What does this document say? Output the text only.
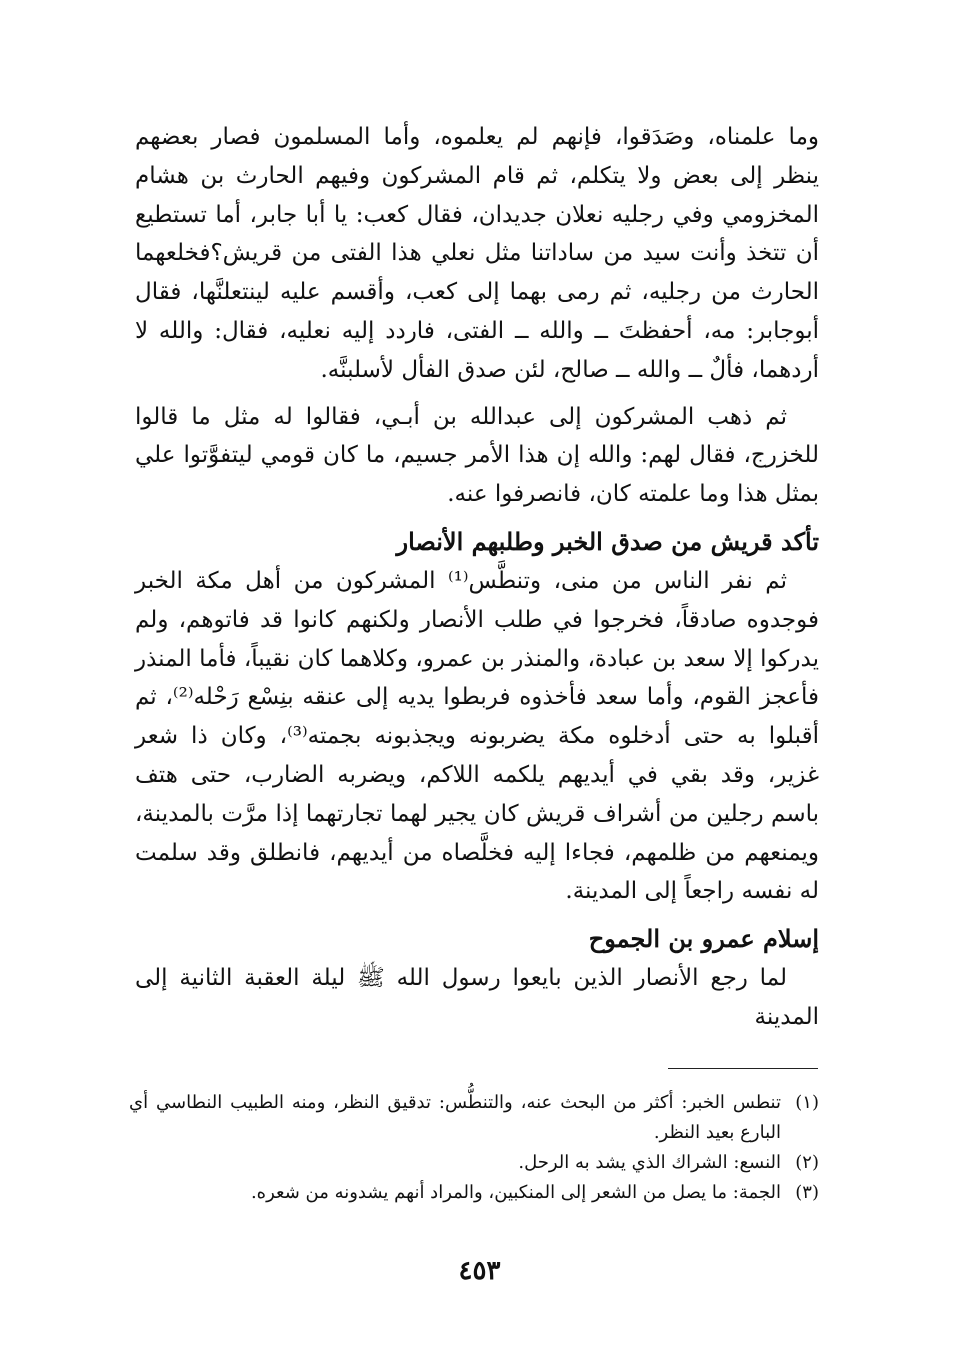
وما علمناه، وصَدَقوا، فإنهم لم يعلموه، وأما المسلمون فصار بعضهم ينظر إلى بعض ولا يتكلم، ثم قام المشركون وفيهم الحارث بن هشام المخزومي وفي رجليه نعلان جديدان، فقال كعب: يا أبا جابر، أما تستطيع أن تتخذ وأنت سيد من ساداتنا مثل نعلي هذا الفتى من قريش؟فخلعهما الحارث من رجليه، ثم رمى بهما إلى كعب، وأقسم عليه لينتعلنَّها، فقال أبوجابر: مه، أحفظتَ ــ والله ــ الفتى، فاردد إليه نعليه، فقال: والله لا أردهما، فألٌ ــ والله ــ صالح، لئن صدق الفأل لأسلبنَّه.

ثم ذهب المشركون إلى عبدالله بن أبـي، فقالوا له مثل ما قالوا للخزرج، فقال لهم: والله إن هذا الأمر جسيم، ما كان قومي ليتفوَّتوا علي بمثل هذا وما علمته كان، فانصرفوا عنه.

تأكد قريش من صدق الخبر وطلبهم الأنصار

ثم نفر الناس من منى، وتنطَّس⁽¹⁾ المشركون من أهل مكة الخبر فوجدوه صادقاً، فخرجوا في طلب الأنصار ولكنهم كانوا قد فاتوهم، ولم يدركوا إلا سعد بن عبادة، والمنذر بن عمرو، وكلاهما كان نقيباً، فأما المنذر فأعجز القوم، وأما سعد فأخذوه فربطوا يديه إلى عنقه بنِسْع رَحْله⁽²⁾، ثم أقبلوا به حتى أدخلوه مكة يضربونه ويجذبونه بجمته⁽³⁾، وكان ذا شعر غزير، وقد بقي في أيديهم يلكمه اللاكم، ويضربه الضارب، حتى هتف باسم رجلين من أشراف قريش كان يجير لهما تجارتهما إذا مرَّت بالمدينة، ويمنعهم من ظلمهم، فجاءا إليه فخلَّصاه من أيديهم، فانطلق وقد سلمت له نفسه راجعاً إلى المدينة.

إسلام عمرو بن الجموح

لما رجع الأنصار الذين بايعوا رسول الله ﷺ ليلة العقبة الثانية إلى المدينة

(١)
تنطس الخبر: أكثر من البحث عنه، والتنطُّس: تدقيق النظر، ومنه الطبيب النطاسي أي البارع بعيد النظر.

(٢)
النسع: الشراك الذي يشد به الرحل.

(٣)
الجمة: ما يصل من الشعر إلى المنكبين، والمراد أنهم يشدونه من شعره.

٤٥٣
